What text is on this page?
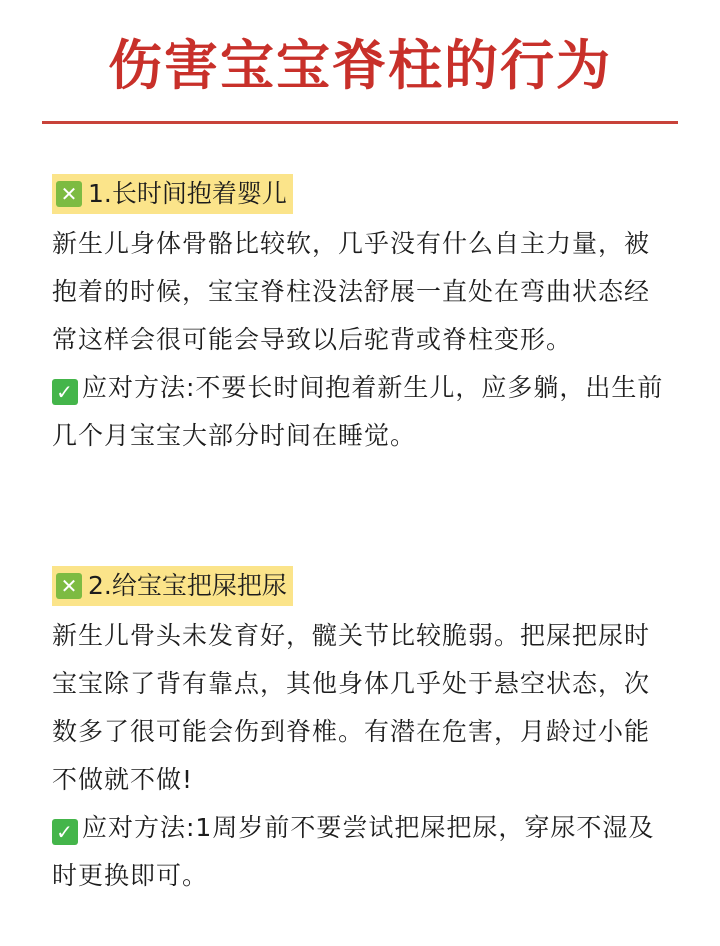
伤害宝宝脊柱的行为
✕ 1.长时间抱着婴儿
新生儿身体骨骼比较软，几乎没有什么自主力量，被抱着的时候，宝宝脊柱没法舒展一直处在弯曲状态经常这样会很可能会导致以后驼背或脊柱变形。
✓ 应对方法:不要长时间抱着新生儿，应多躺，出生前几个月宝宝大部分时间在睡觉。
✕ 2.给宝宝把屎把尿
新生儿骨头未发育好，髋关节比较脆弱。把屎把尿时宝宝除了背有靠点，其他身体几乎处于悬空状态，次数多了很可能会伤到脊椎。有潜在危害，月龄过小能不做就不做!
✓ 应对方法:1周岁前不要尝试把屎把尿，穿尿不湿及时更换即可。
